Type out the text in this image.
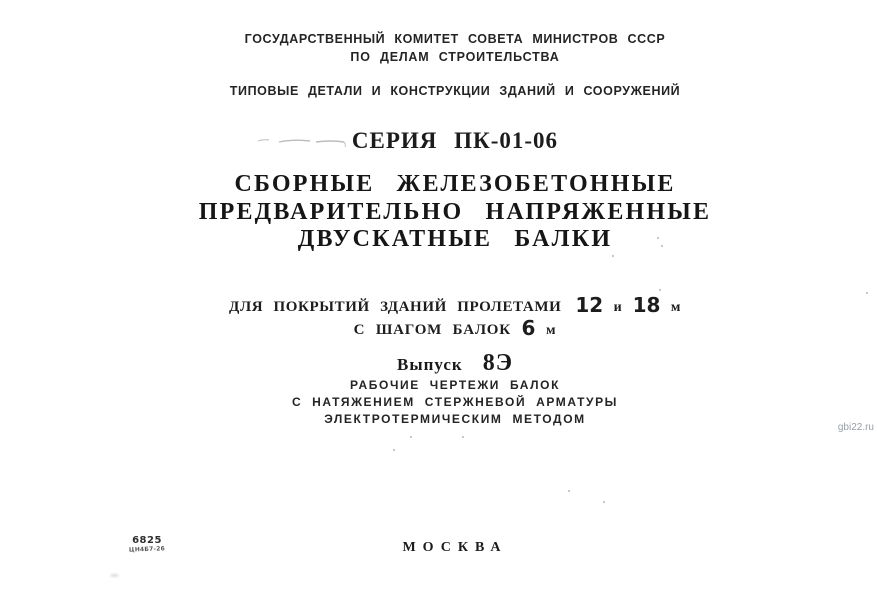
ГОСУДАРСТВЕННЫЙ КОМИТЕТ СОВЕТА МИНИСТРОВ СССР
ПО ДЕЛАМ СТРОИТЕЛЬСТВА
ТИПОВЫЕ ДЕТАЛИ И КОНСТРУКЦИИ ЗДАНИЙ И СООРУЖЕНИЙ
СЕРИЯ ПК-01-06
СБОРНЫЕ ЖЕЛЕЗОБЕТОННЫЕ
ПРЕДВАРИТЕЛЬНО НАПРЯЖЕННЫЕ
ДВУСКАТНЫЕ БАЛКИ
ДЛЯ ПОКРЫТИЙ ЗДАНИЙ ПРОЛЕТАМИ 12 и 18 м
С ШАГОМ БАЛОК 6 м
Выпуск 8Э
РАБОЧИЕ ЧЕРТЕЖИ БАЛОК
С НАТЯЖЕНИЕМ СТЕРЖНЕВОЙ АРМАТУРЫ
ЭЛЕКТРОТЕРМИЧЕСКИМ МЕТОДОМ
МОСКВА
6825
ЦН4Б7-26
gbi22.ru
